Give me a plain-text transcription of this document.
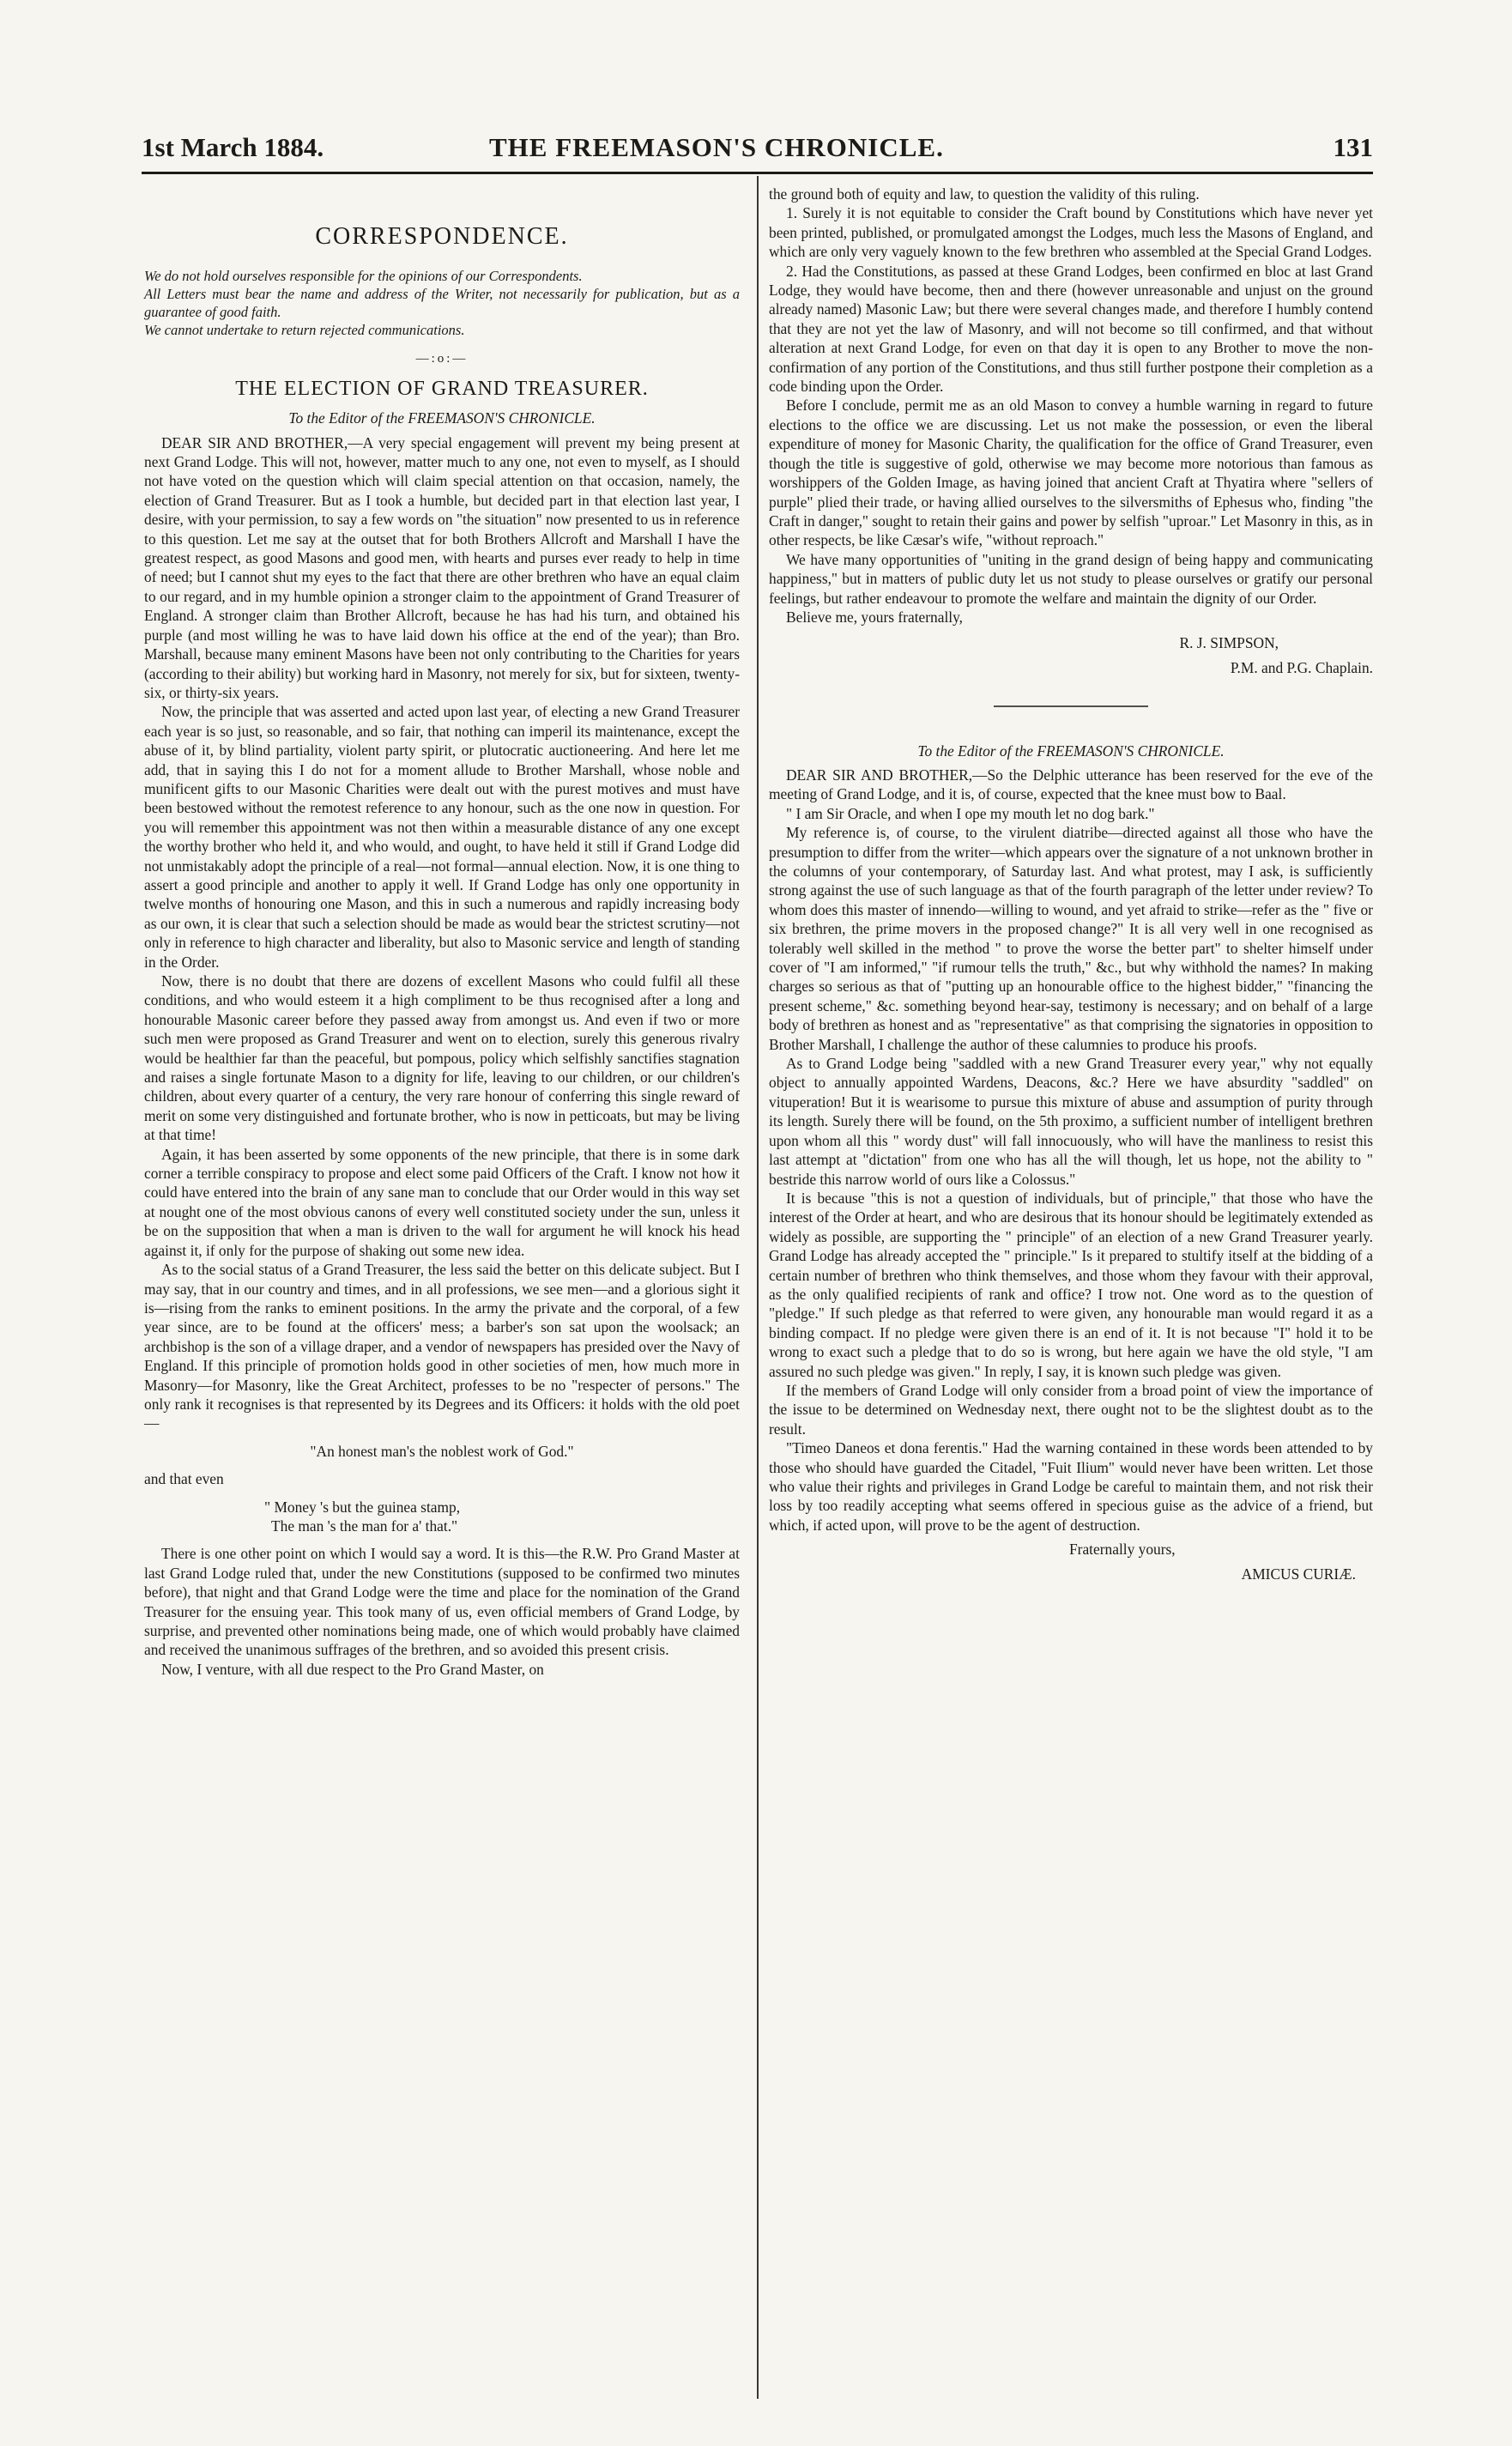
1st March 1884.	THE FREEMASON'S CHRONICLE.	131
CORRESPONDENCE.

We do not hold ourselves responsible for the opinions of our Correspondents.

All Letters must bear the name and address of the Writer, not necessarily for publication, but as a guarantee of good faith.

We cannot undertake to return rejected communications.

—:o:—
THE ELECTION OF GRAND TREASURER.
To the Editor of the FREEMASON'S CHRONICLE.

DEAR SIR AND BROTHER,—A very special engagement will prevent my being present at next Grand Lodge. This will not, however, matter much to any one, not even to myself, as I should not have voted on the question which will claim special attention on that occasion, namely, the election of Grand Treasurer. But as I took a humble, but decided part in that election last year, I desire, with your permission, to say a few words on "the situation" now presented to us in reference to this question. Let me say at the outset that for both Brothers Allcroft and Marshall I have the greatest respect, as good Masons and good men, with hearts and purses ever ready to help in time of need; but I cannot shut my eyes to the fact that there are other brethren who have an equal claim to our regard, and in my humble opinion a stronger claim to the appointment of Grand Treasurer of England. A stronger claim than Brother Allcroft, because he has had his turn, and obtained his purple (and most willing he was to have laid down his office at the end of the year); than Bro. Marshall, because many eminent Masons have been not only contributing to the Charities for years (according to their ability) but working hard in Masonry, not merely for six, but for sixteen, twenty-six, or thirty-six years.

Now, the principle that was asserted and acted upon last year, of electing a new Grand Treasurer each year is so just, so reasonable, and so fair, that nothing can imperil its maintenance, except the abuse of it, by blind partiality, violent party spirit, or plutocratic auctioneering. And here let me add, that in saying this I do not for a moment allude to Brother Marshall, whose noble and munificent gifts to our Masonic Charities were dealt out with the purest motives and must have been bestowed without the remotest reference to any honour, such as the one now in question. For you will remember this appointment was not then within a measurable distance of any one except the worthy brother who held it, and who would, and ought, to have held it still if Grand Lodge did not unmistakably adopt the principle of a real—not formal—annual election. Now, it is one thing to assert a good principle and another to apply it well. If Grand Lodge has only one opportunity in twelve months of honouring one Mason, and this in such a numerous and rapidly increasing body as our own, it is clear that such a selection should be made as would bear the strictest scrutiny—not only in reference to high character and liberality, but also to Masonic service and length of standing in the Order.

Now, there is no doubt that there are dozens of excellent Masons who could fulfil all these conditions, and who would esteem it a high compliment to be thus recognised after a long and honourable Masonic career before they passed away from amongst us. And even if two or more such men were proposed as Grand Treasurer and went on to election, surely this generous rivalry would be healthier far than the peaceful, but pompous, policy which selfishly sanctifies stagnation and raises a single fortunate Mason to a dignity for life, leaving to our children, or our children's children, about every quarter of a century, the very rare honour of conferring this single reward of merit on some very distinguished and fortunate brother, who is now in petticoats, but may be living at that time!

Again, it has been asserted by some opponents of the new principle, that there is in some dark corner a terrible conspiracy to propose and elect some paid Officers of the Craft. I know not how it could have entered into the brain of any sane man to conclude that our Order would in this way set at nought one of the most obvious canons of every well constituted society under the sun, unless it be on the supposition that when a man is driven to the wall for argument he will knock his head against it, if only for the purpose of shaking out some new idea.

As to the social status of a Grand Treasurer, the less said the better on this delicate subject. But I may say, that in our country and times, and in all professions, we see men—and a glorious sight it is—rising from the ranks to eminent positions. In the army the private and the corporal, of a few year since, are to be found at the officers' mess; a barber's son sat upon the woolsack; an archbishop is the son of a village draper, and a vendor of newspapers has presided over the Navy of England. If this principle of promotion holds good in other societies of men, how much more in Masonry—for Masonry, like the Great Architect, professes to be no "respecter of persons." The only rank it recognises is that represented by its Degrees and its Officers: it holds with the old poet—

"An honest man's the noblest work of God."

and that even

" Money 's but the guinea stamp,
The man 's the man for a' that."

There is one other point on which I would say a word. It is this—the R.W. Pro Grand Master at last Grand Lodge ruled that, under the new Constitutions (supposed to be confirmed two minutes before), that night and that Grand Lodge were the time and place for the nomination of the Grand Treasurer for the ensuing year. This took many of us, even official members of Grand Lodge, by surprise, and prevented other nominations being made, one of which would probably have claimed and received the unanimous suffrages of the brethren, and so avoided this present crisis.

Now, I venture, with all due respect to the Pro Grand Master, on

the ground both of equity and law, to question the validity of this ruling.

1. Surely it is not equitable to consider the Craft bound by Constitutions which have never yet been printed, published, or promulgated amongst the Lodges, much less the Masons of England, and which are only very vaguely known to the few brethren who assembled at the Special Grand Lodges.

2. Had the Constitutions, as passed at these Grand Lodges, been confirmed en bloc at last Grand Lodge, they would have become, then and there (however unreasonable and unjust on the ground already named) Masonic Law; but there were several changes made, and therefore I humbly contend that they are not yet the law of Masonry, and will not become so till confirmed, and that without alteration at next Grand Lodge, for even on that day it is open to any Brother to move the non-confirmation of any portion of the Constitutions, and thus still further postpone their completion as a code binding upon the Order.

Before I conclude, permit me as an old Mason to convey a humble warning in regard to future elections to the office we are discussing. Let us not make the possession, or even the liberal expenditure of money for Masonic Charity, the qualification for the office of Grand Treasurer, even though the title is suggestive of gold, otherwise we may become more notorious than famous as worshippers of the Golden Image, as having joined that ancient Craft at Thyatira where "sellers of purple" plied their trade, or having allied ourselves to the silversmiths of Ephesus who, finding "the Craft in danger," sought to retain their gains and power by selfish "uproar." Let Masonry in this, as in other respects, be like Cæsar's wife, "without reproach."

We have many opportunities of "uniting in the grand design of being happy and communicating happiness," but in matters of public duty let us not study to please ourselves or gratify our personal feelings, but rather endeavour to promote the welfare and maintain the dignity of our Order.

Believe me, yours fraternally,

R. J. SIMPSON,

P.M. and P.G. Chaplain.

To the Editor of the FREEMASON'S CHRONICLE.

DEAR SIR AND BROTHER,—So the Delphic utterance has been reserved for the eve of the meeting of Grand Lodge, and it is, of course, expected that the knee must bow to Baal.

" I am Sir Oracle, and when I ope my mouth let no dog bark."

My reference is, of course, to the virulent diatribe—directed against all those who have the presumption to differ from the writer—which appears over the signature of a not unknown brother in the columns of your contemporary, of Saturday last. And what protest, may I ask, is sufficiently strong against the use of such language as that of the fourth paragraph of the letter under review? To whom does this master of innendo—willing to wound, and yet afraid to strike—refer as the " five or six brethren, the prime movers in the proposed change?" It is all very well in one recognised as tolerably well skilled in the method " to prove the worse the better part" to shelter himself under cover of "I am informed," "if rumour tells the truth," &c., but why withhold the names? In making charges so serious as that of "putting up an honourable office to the highest bidder," "financing the present scheme," &c. something beyond hear-say, testimony is necessary; and on behalf of a large body of brethren as honest and as "representative" as that comprising the signatories in opposition to Brother Marshall, I challenge the author of these calumnies to produce his proofs.

As to Grand Lodge being "saddled with a new Grand Treasurer every year," why not equally object to annually appointed Wardens, Deacons, &c.? Here we have absurdity "saddled" on vituperation! But it is wearisome to pursue this mixture of abuse and assumption of purity through its length. Surely there will be found, on the 5th proximo, a sufficient number of intelligent brethren upon whom all this " wordy dust" will fall innocuously, who will have the manliness to resist this last attempt at "dictation" from one who has all the will though, let us hope, not the ability to " bestride this narrow world of ours like a Colossus."

It is because "this is not a question of individuals, but of principle," that those who have the interest of the Order at heart, and who are desirous that its honour should be legitimately extended as widely as possible, are supporting the " principle" of an election of a new Grand Treasurer yearly. Grand Lodge has already accepted the " principle." Is it prepared to stultify itself at the bidding of a certain number of brethren who think themselves, and those whom they favour with their approval, as the only qualified recipients of rank and office? I trow not. One word as to the question of "pledge." If such pledge as that referred to were given, any honourable man would regard it as a binding compact. If no pledge were given there is an end of it. It is not because "I" hold it to be wrong to exact such a pledge that to do so is wrong, but here again we have the old style, "I am assured no such pledge was given." In reply, I say, it is known such pledge was given.

If the members of Grand Lodge will only consider from a broad point of view the importance of the issue to be determined on Wednesday next, there ought not to be the slightest doubt as to the result.

"Timeo Daneos et dona ferentis." Had the warning contained in these words been attended to by those who should have guarded the Citadel, "Fuit Ilium" would never have been written. Let those who value their rights and privileges in Grand Lodge be careful to maintain them, and not risk their loss by too readily accepting what seems offered in specious guise as the advice of a friend, but which, if acted upon, will prove to be the agent of destruction.

Fraternally yours,

AMICUS CURIÆ.
